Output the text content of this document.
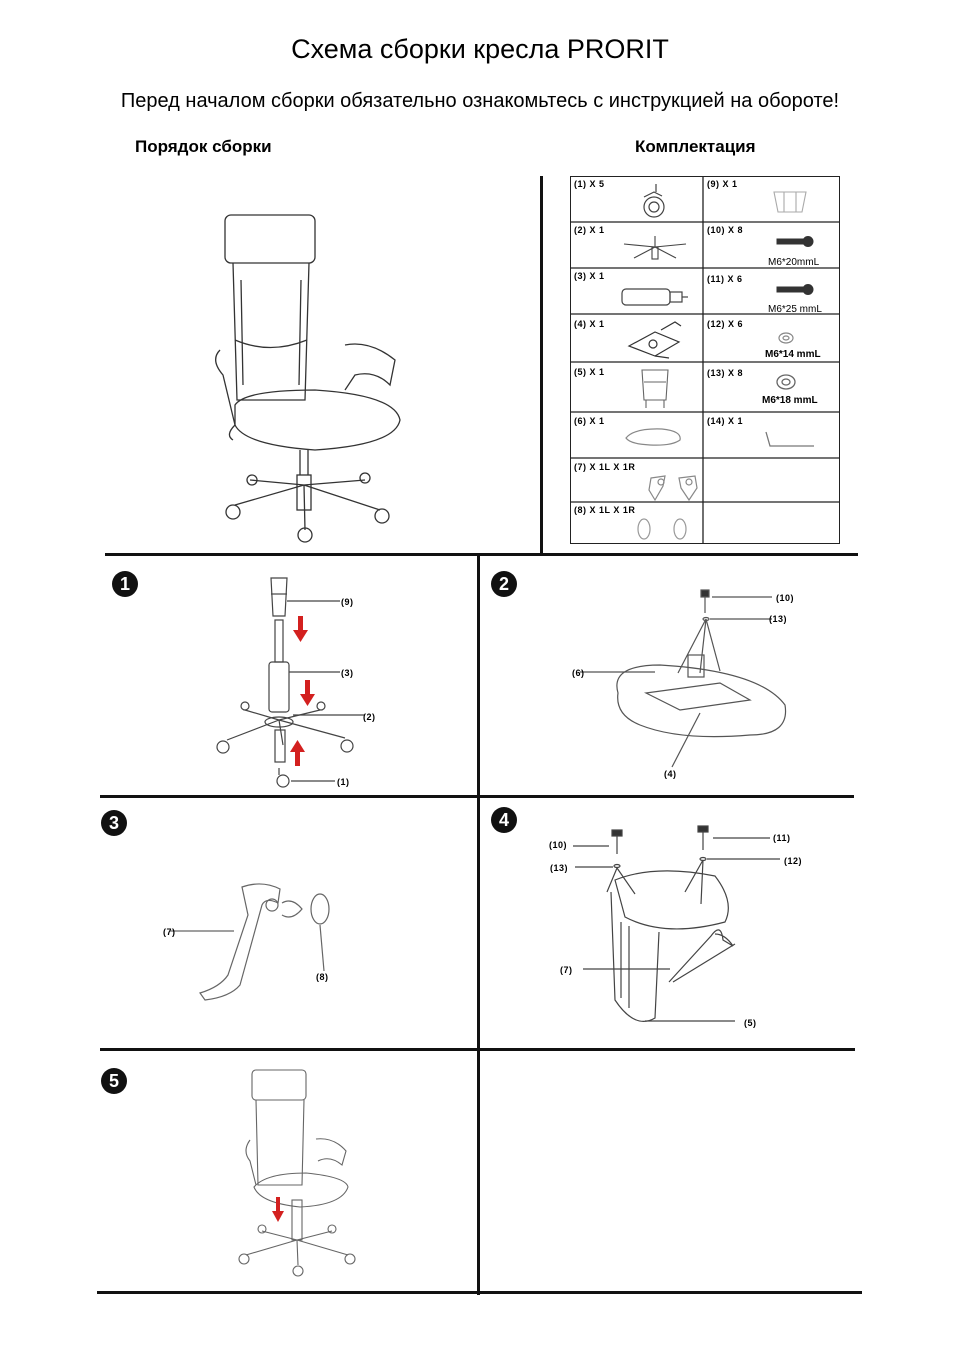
Схема сборки кресла PRORIT
Перед началом сборки обязательно ознакомьтесь с инструкцией на обороте!
Порядок сборки	Комплектация
(1) X 5
(2) X 1
(3) X 1
(4) X 1
(5) X 1
(6) X 1
(7) X 1L X 1R
(8) X 1L X 1R
(9) X 1
(10) X 8
(11) X 6
(12) X 6
(13) X 8
(14) X 1
M6*20mmL
M6*25 mmL
M6*14 mmL
M6*18 mmL
1
(9)
(3)
(2)
(1)
2
(10)
(13)
(6)
(4)
3
(7)
(8)
4
(10)
(11)
(13)
(12)
(7)
(5)
5
